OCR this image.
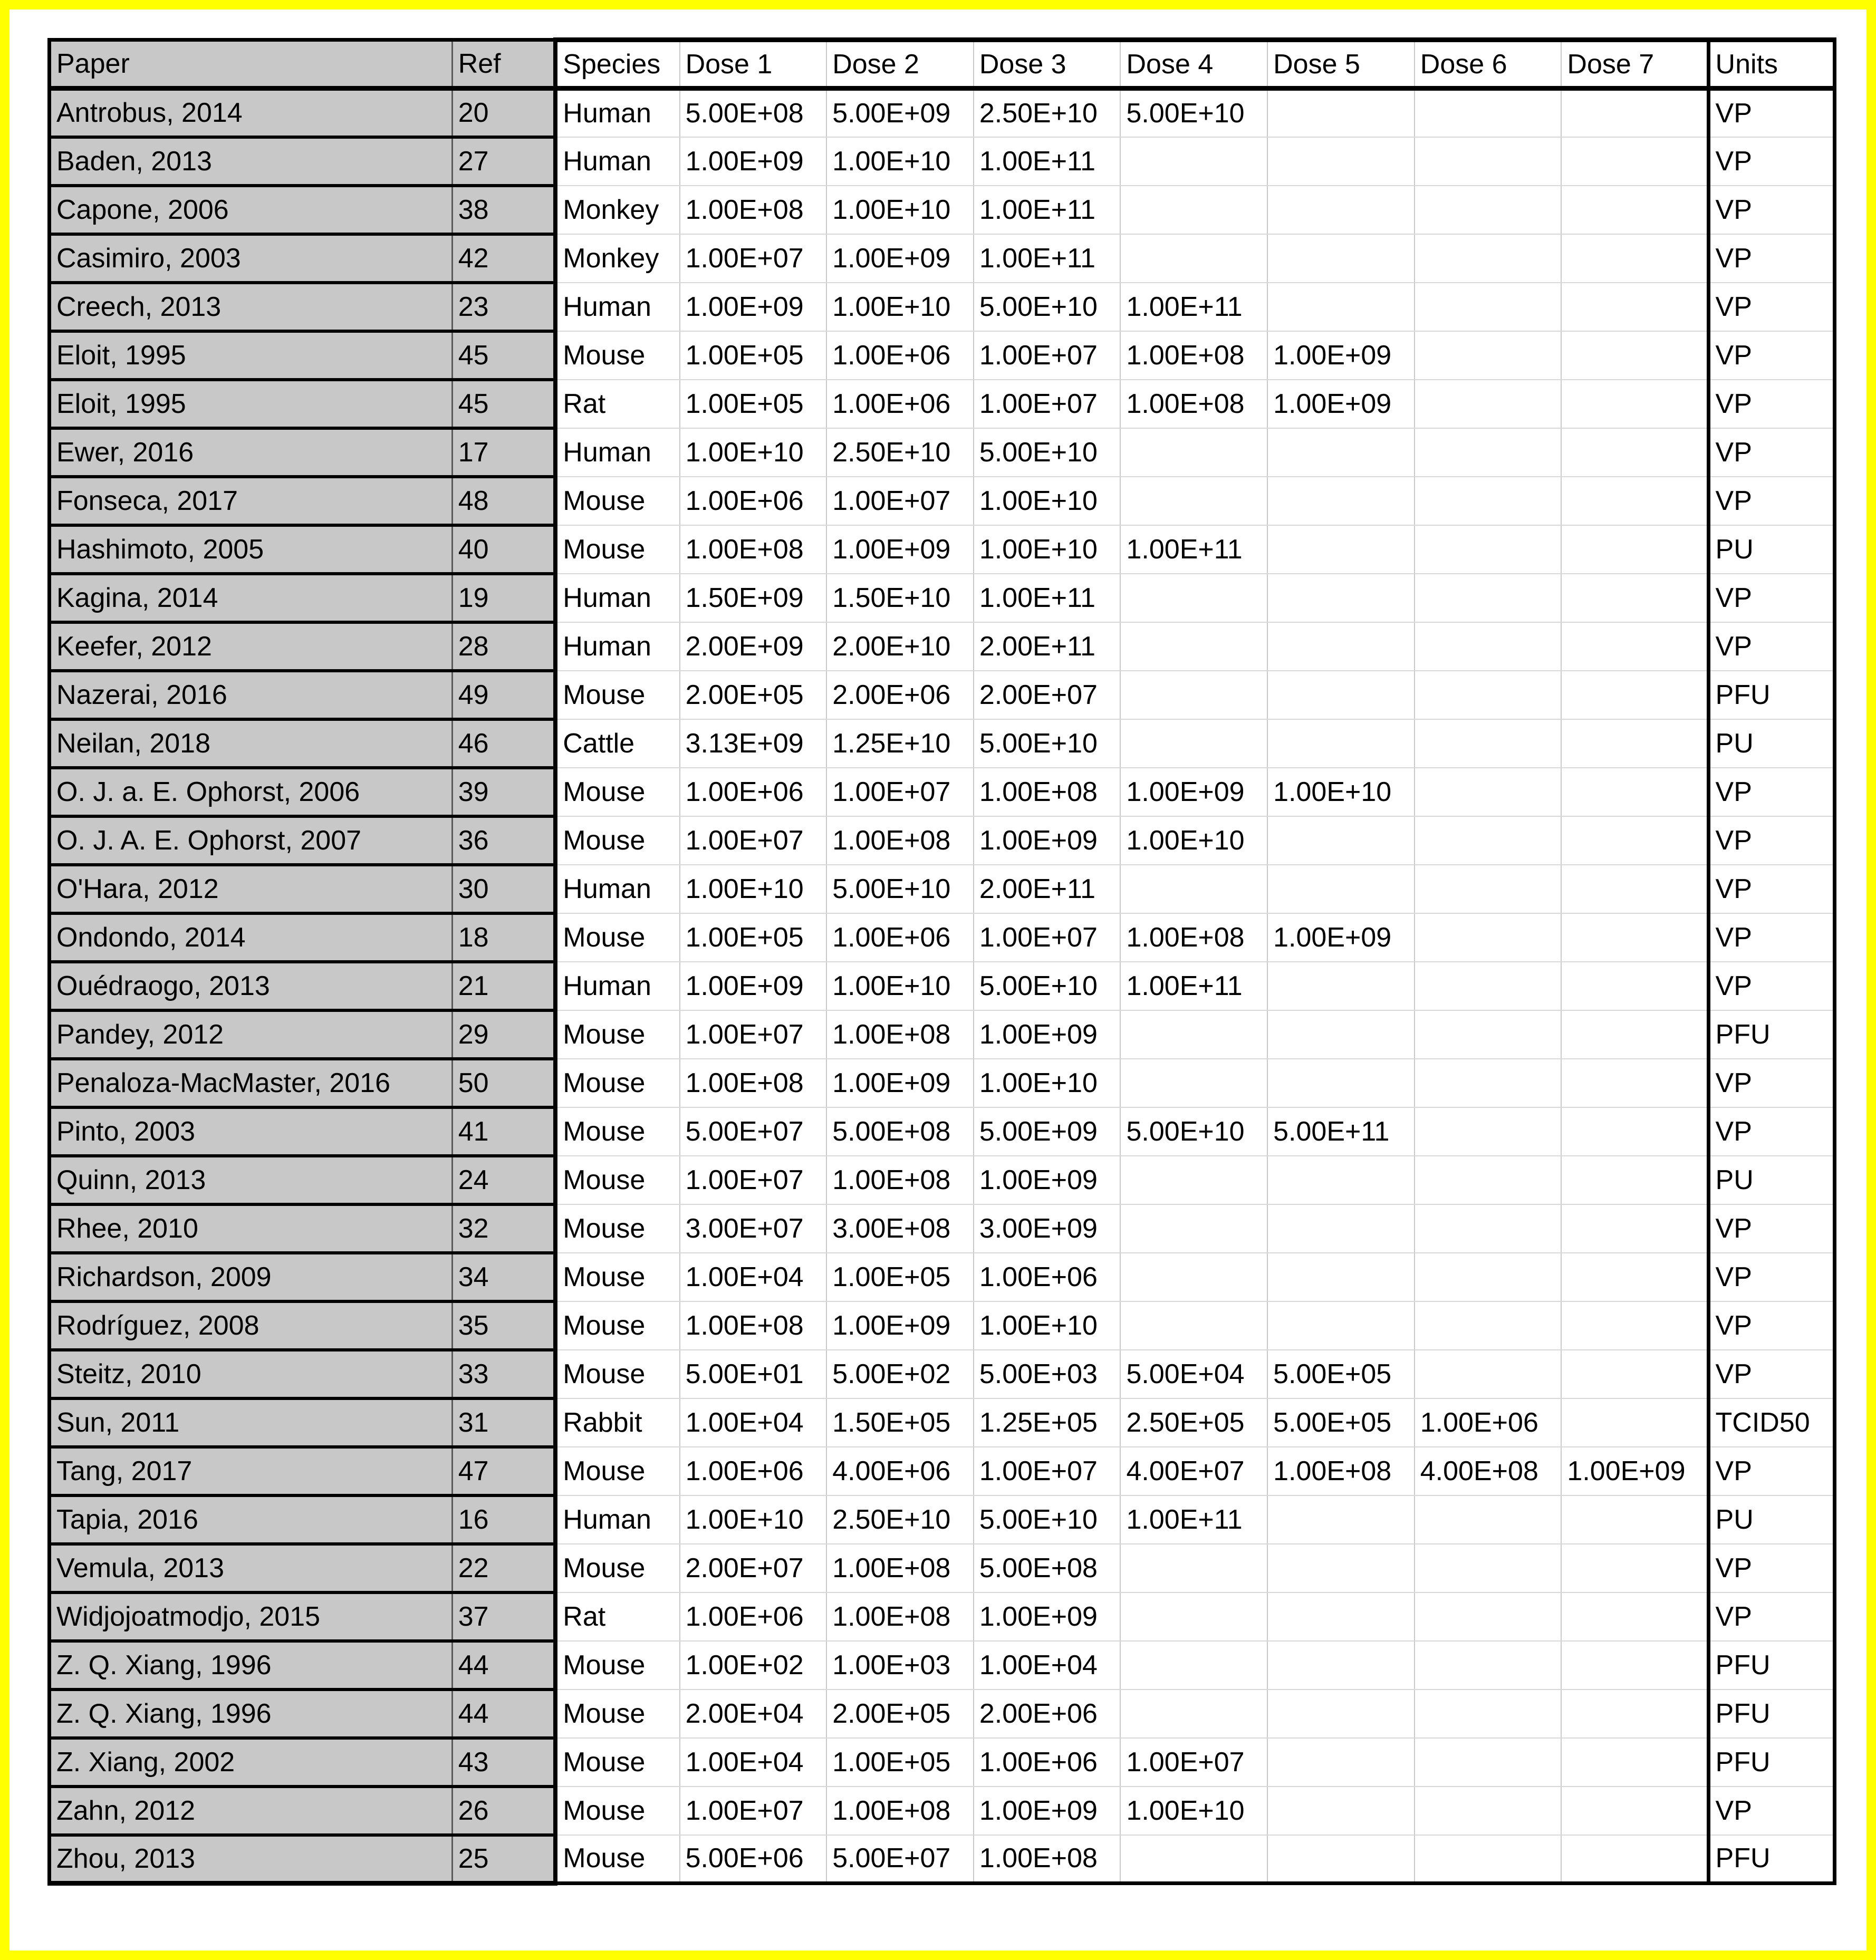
Paper	Ref	Species	Dose 1	Dose 2	Dose 3	Dose 4	Dose 5	Dose 6	Dose 7	Units
Antrobus, 2014	20	Human	5.00E+08	5.00E+09	2.50E+10	5.00E+10				VP
Baden, 2013	27	Human	1.00E+09	1.00E+10	1.00E+11					VP
Capone, 2006	38	Monkey	1.00E+08	1.00E+10	1.00E+11					VP
Casimiro, 2003	42	Monkey	1.00E+07	1.00E+09	1.00E+11					VP
Creech, 2013	23	Human	1.00E+09	1.00E+10	5.00E+10	1.00E+11				VP
Eloit, 1995	45	Mouse	1.00E+05	1.00E+06	1.00E+07	1.00E+08	1.00E+09			VP
Eloit, 1995	45	Rat	1.00E+05	1.00E+06	1.00E+07	1.00E+08	1.00E+09			VP
Ewer, 2016	17	Human	1.00E+10	2.50E+10	5.00E+10					VP
Fonseca, 2017	48	Mouse	1.00E+06	1.00E+07	1.00E+10					VP
Hashimoto, 2005	40	Mouse	1.00E+08	1.00E+09	1.00E+10	1.00E+11				PU
Kagina, 2014	19	Human	1.50E+09	1.50E+10	1.00E+11					VP
Keefer, 2012	28	Human	2.00E+09	2.00E+10	2.00E+11					VP
Nazerai, 2016	49	Mouse	2.00E+05	2.00E+06	2.00E+07					PFU
Neilan, 2018	46	Cattle	3.13E+09	1.25E+10	5.00E+10					PU
O. J. a. E. Ophorst, 2006	39	Mouse	1.00E+06	1.00E+07	1.00E+08	1.00E+09	1.00E+10			VP
O. J. A. E. Ophorst, 2007	36	Mouse	1.00E+07	1.00E+08	1.00E+09	1.00E+10				VP
O'Hara, 2012	30	Human	1.00E+10	5.00E+10	2.00E+11					VP
Ondondo, 2014	18	Mouse	1.00E+05	1.00E+06	1.00E+07	1.00E+08	1.00E+09			VP
Ouédraogo, 2013	21	Human	1.00E+09	1.00E+10	5.00E+10	1.00E+11				VP
Pandey, 2012	29	Mouse	1.00E+07	1.00E+08	1.00E+09					PFU
Penaloza-MacMaster, 2016	50	Mouse	1.00E+08	1.00E+09	1.00E+10					VP
Pinto, 2003	41	Mouse	5.00E+07	5.00E+08	5.00E+09	5.00E+10	5.00E+11			VP
Quinn, 2013	24	Mouse	1.00E+07	1.00E+08	1.00E+09					PU
Rhee, 2010	32	Mouse	3.00E+07	3.00E+08	3.00E+09					VP
Richardson, 2009	34	Mouse	1.00E+04	1.00E+05	1.00E+06					VP
Rodríguez, 2008	35	Mouse	1.00E+08	1.00E+09	1.00E+10					VP
Steitz, 2010	33	Mouse	5.00E+01	5.00E+02	5.00E+03	5.00E+04	5.00E+05			VP
Sun, 2011	31	Rabbit	1.00E+04	1.50E+05	1.25E+05	2.50E+05	5.00E+05	1.00E+06		TCID50
Tang, 2017	47	Mouse	1.00E+06	4.00E+06	1.00E+07	4.00E+07	1.00E+08	4.00E+08	1.00E+09	VP
Tapia, 2016	16	Human	1.00E+10	2.50E+10	5.00E+10	1.00E+11				PU
Vemula, 2013	22	Mouse	2.00E+07	1.00E+08	5.00E+08					VP
Widjojoatmodjo, 2015	37	Rat	1.00E+06	1.00E+08	1.00E+09					VP
Z. Q. Xiang, 1996	44	Mouse	1.00E+02	1.00E+03	1.00E+04					PFU
Z. Q. Xiang, 1996	44	Mouse	2.00E+04	2.00E+05	2.00E+06					PFU
Z. Xiang, 2002	43	Mouse	1.00E+04	1.00E+05	1.00E+06	1.00E+07				PFU
Zahn, 2012	26	Mouse	1.00E+07	1.00E+08	1.00E+09	1.00E+10				VP
Zhou, 2013	25	Mouse	5.00E+06	5.00E+07	1.00E+08					PFU
